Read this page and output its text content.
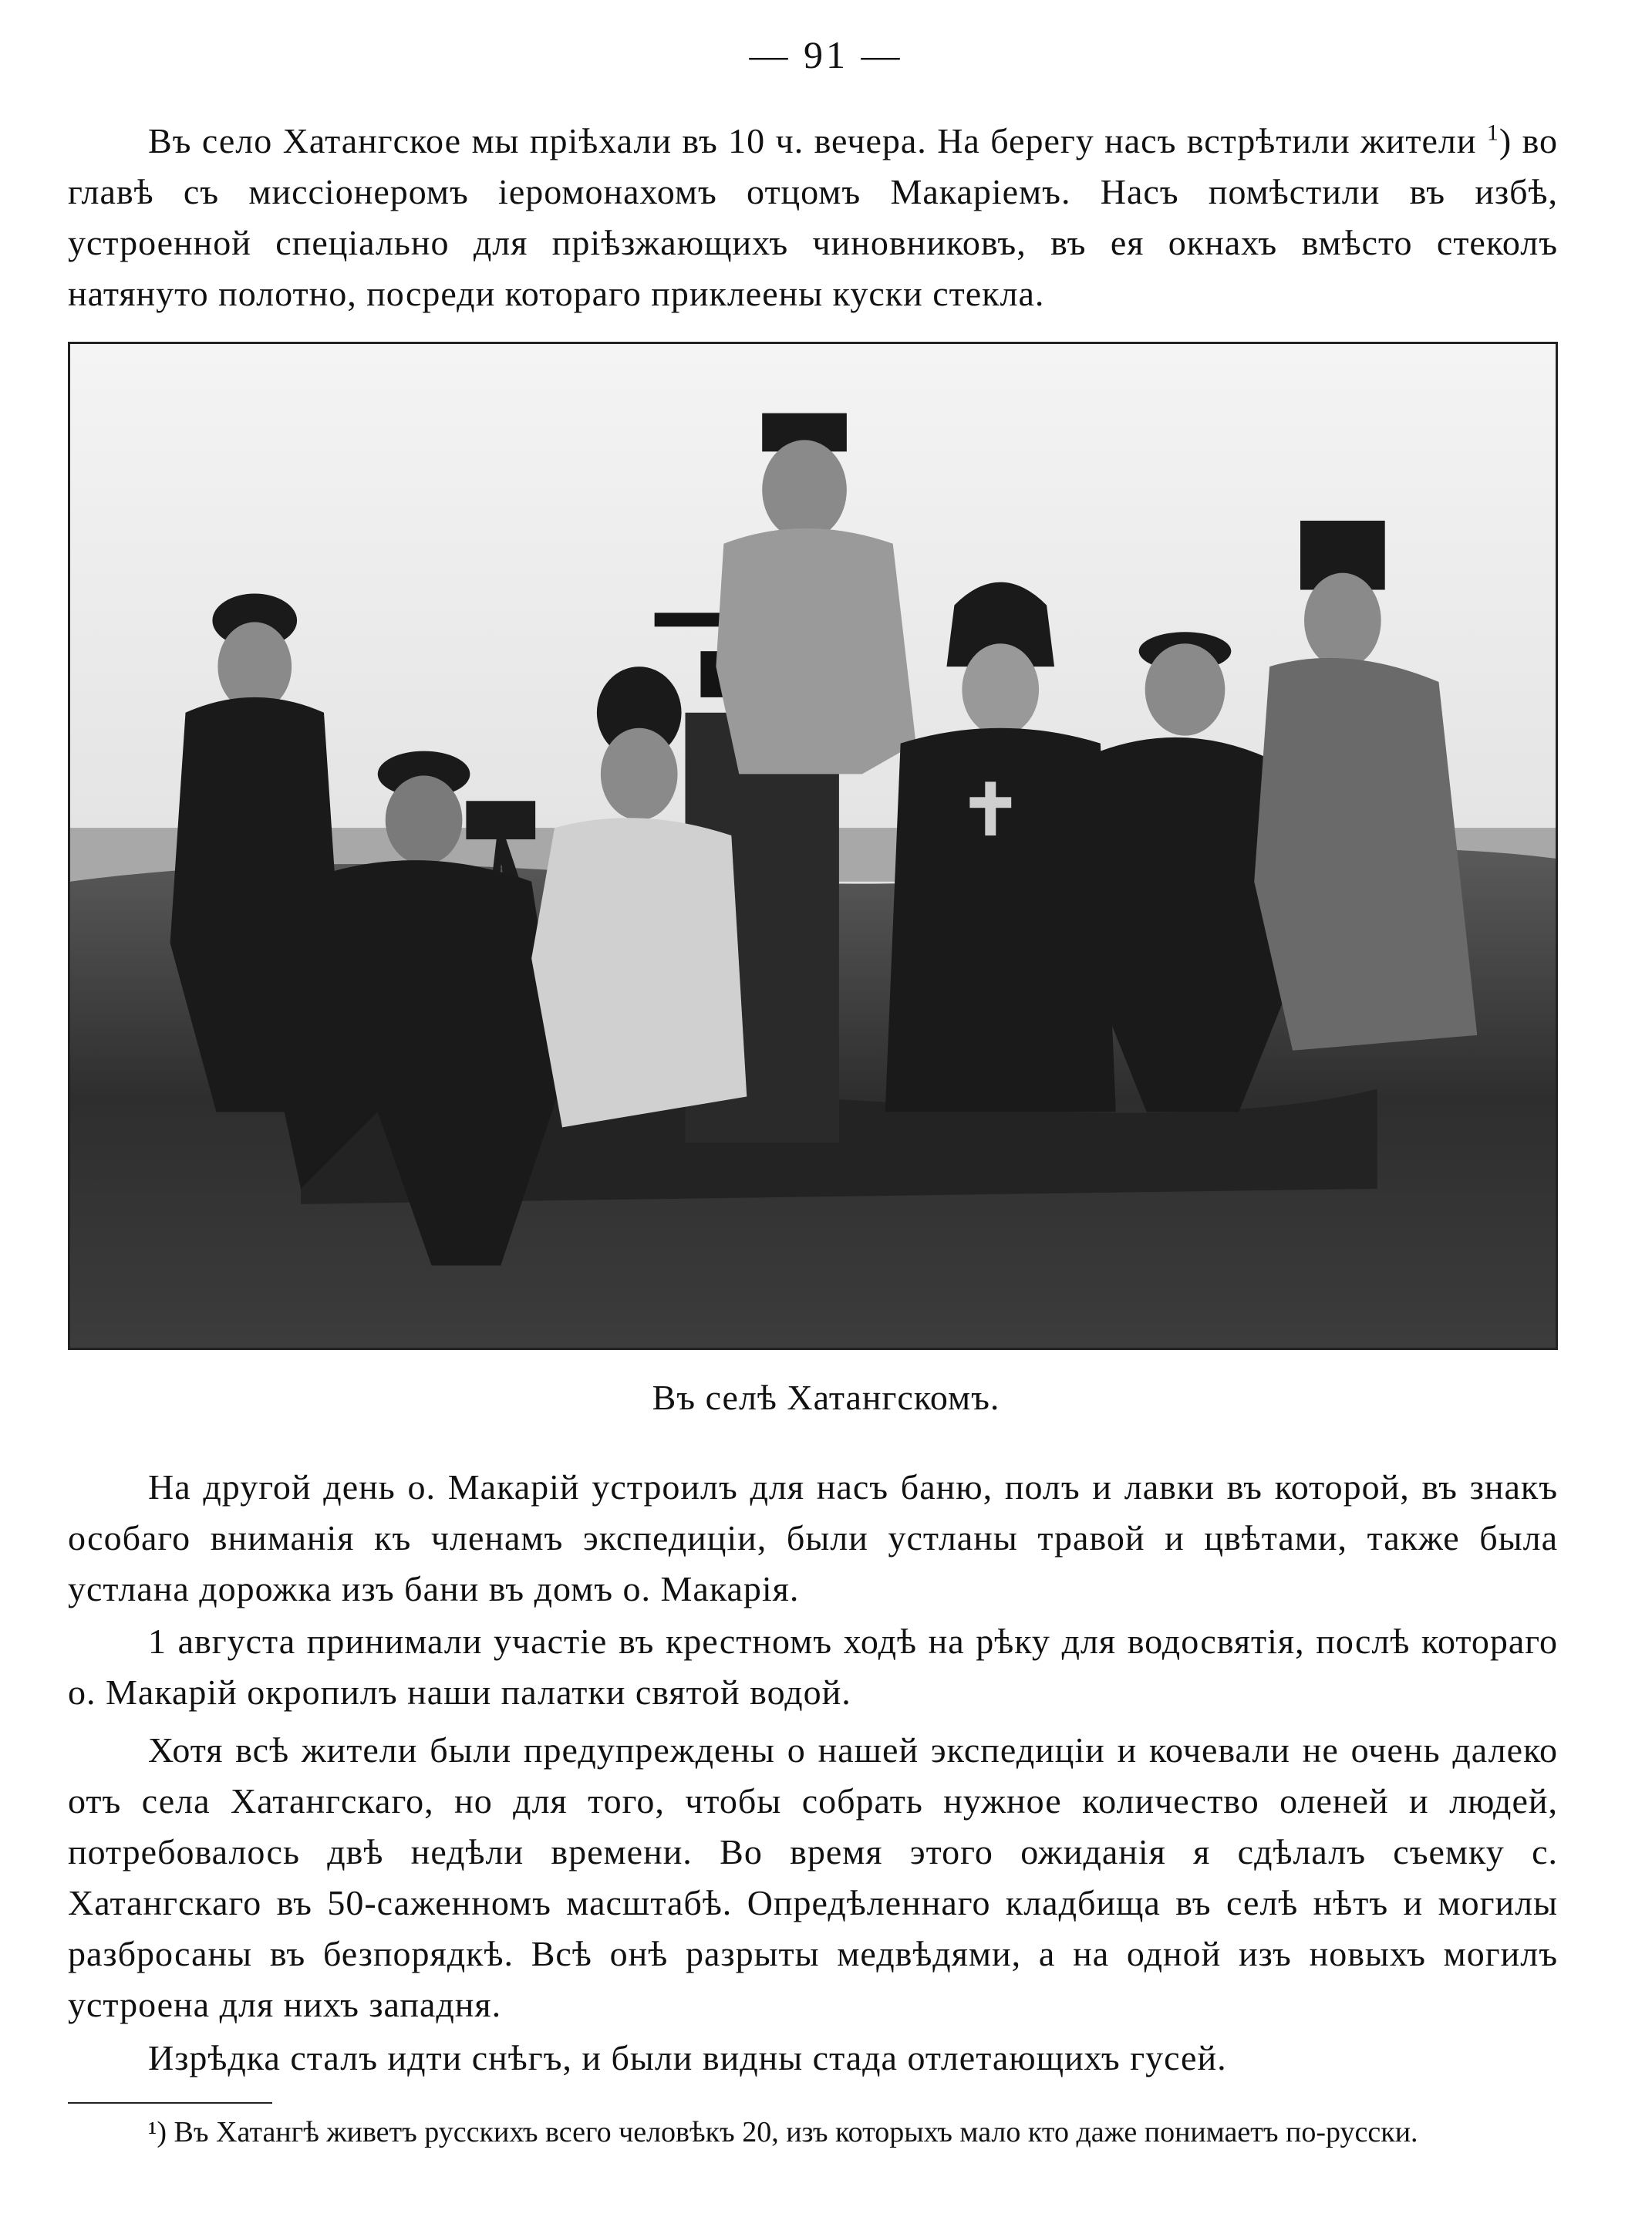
— 91 —

Въ село Хатангское мы пріѣхали въ 10 ч. вечера. На берегу насъ встрѣтили жители $^1$) во главѣ съ миссіонеромъ іеромонахомъ отцомъ Макаріемъ. Насъ помѣстили въ избѣ, устроенной спеціально для пріѣзжающихъ чиновниковъ, въ ея окнахъ вмѣсто стеколъ натянуто полотно, посреди котораго приклеены куски стекла.

Въ селѣ Хатангскомъ.

На другой день о. Макарій устроилъ для насъ баню, полъ и лавки въ которой, въ знакъ особаго вниманія къ членамъ экспедиціи, были устланы травой и цвѣтами, также была устлана дорожка изъ бани въ домъ о. Макарія.

1 августа принимали участіе въ крестномъ ходѣ на рѣку для водосвятія, послѣ котораго о. Макарій окропилъ наши палатки святой водой.

Хотя всѣ жители были предупреждены о нашей экспедиціи и кочевали не очень далеко отъ села Хатангскаго, но для того, чтобы собрать нужное количество оленей и людей, потребовалось двѣ недѣли времени. Во время этого ожиданія я сдѣлалъ съемку с. Хатангскаго въ 50-саженномъ масштабѣ. Опредѣленнаго кладбища въ селѣ нѣтъ и могилы разбросаны въ безпорядкѣ. Всѣ онѣ разрыты медвѣдями, а на одной изъ новыхъ могилъ устроена для нихъ западня.

Изрѣдка сталъ идти снѣгъ, и были видны стада отлетающихъ гусей.

¹) Въ Хатангѣ живетъ русскихъ всего человѣкъ 20, изъ которыхъ мало кто даже понимаетъ по-русски.
